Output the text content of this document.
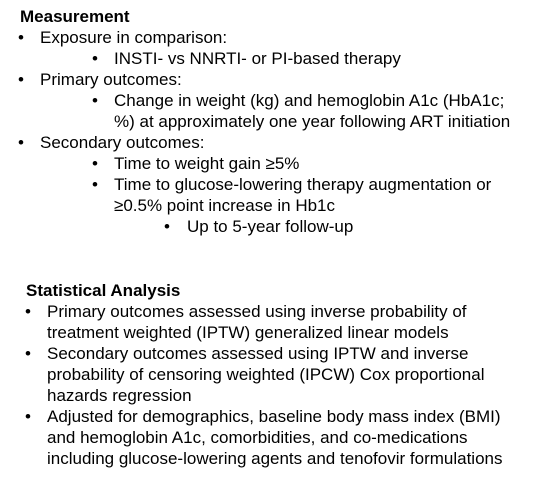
Measurement
• Exposure in comparison:
• INSTI- vs NNRTI- or PI-based therapy
• Primary outcomes:
• Change in weight (kg) and hemoglobin A1c (HbA1c; %) at approximately one year following ART initiation
• Secondary outcomes:
• Time to weight gain ≥5%
• Time to glucose-lowering therapy augmentation or ≥0.5% point increase in Hb1c
• Up to 5-year follow-up
Statistical Analysis
• Primary outcomes assessed using inverse probability of treatment weighted (IPTW) generalized linear models
• Secondary outcomes assessed using IPTW and inverse probability of censoring weighted (IPCW) Cox proportional hazards regression
• Adjusted for demographics, baseline body mass index (BMI) and hemoglobin A1c, comorbidities, and co-medications including glucose-lowering agents and tenofovir formulations
